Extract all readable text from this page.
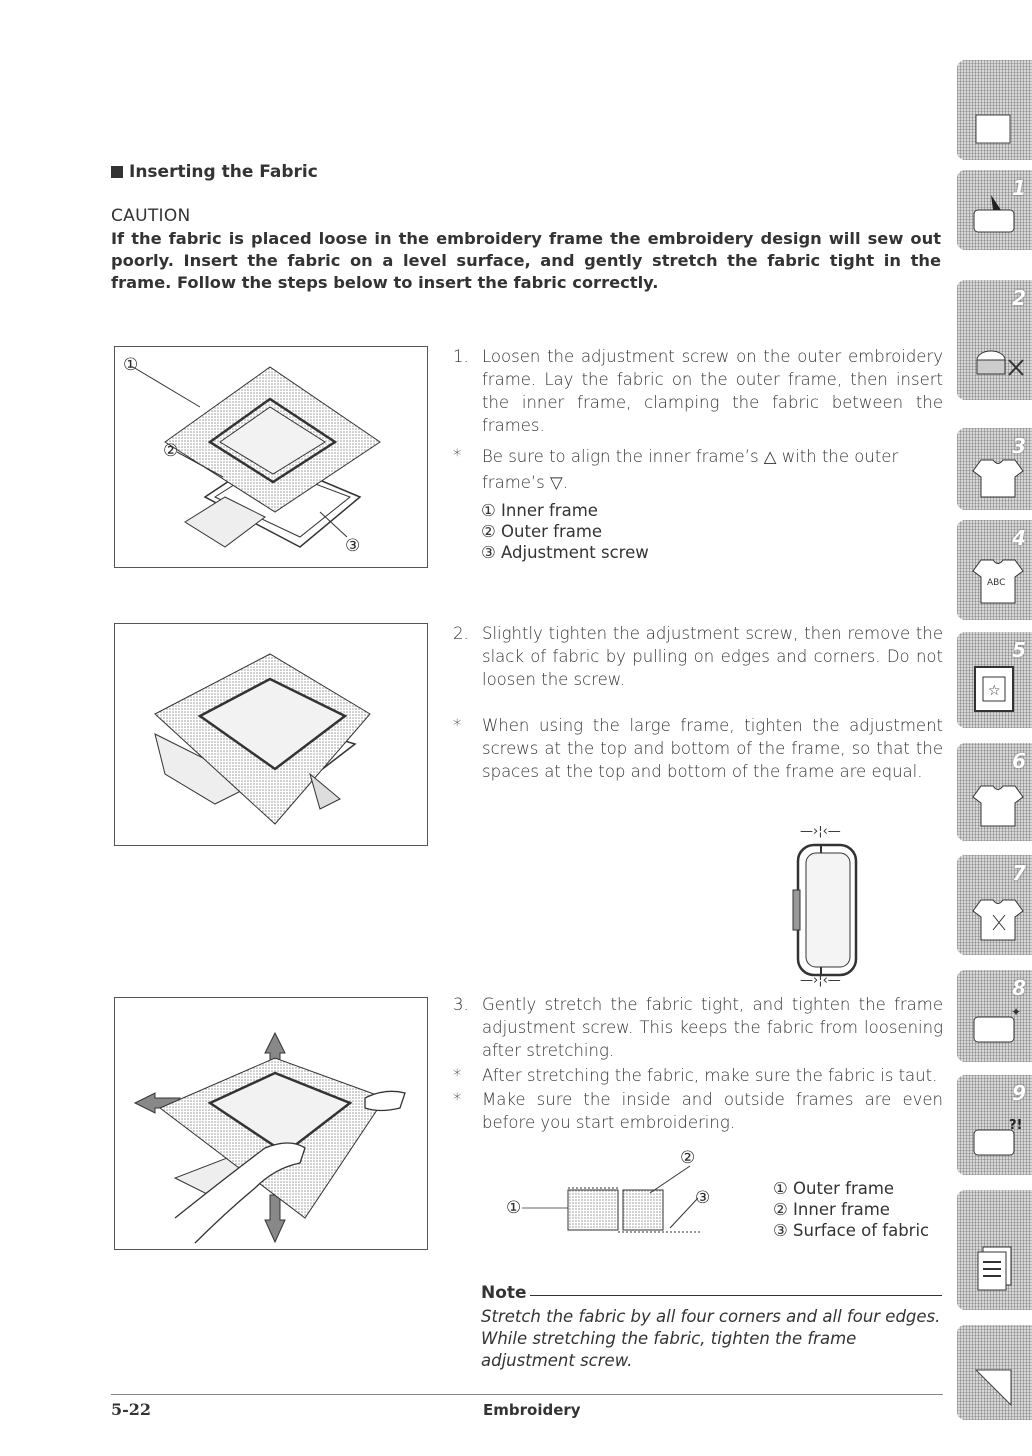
Inserting the Fabric
CAUTION
If the fabric is placed loose in the embroidery frame the embroidery design will sew out poorly. Insert the fabric on a level surface, and gently stretch the fabric tight in the frame. Follow the steps below to insert the fabric correctly.
①
②
③
1. Loosen the adjustment screw on the outer embroidery frame. Lay the fabric on the outer frame, then insert the inner frame, clamping the fabric between the frames.
* Be sure to align the inner frame’s △ with the outer
frame’s ▽.
① Inner frame
② Outer frame
③ Adjustment screw
2. Slightly tighten the adjustment screw, then remove the slack of fabric by pulling on edges and corners. Do not loosen the screw.
* When using the large frame, tighten the adjustment screws at the top and bottom of the frame, so that the spaces at the top and bottom of the frame are equal.
—›¦‹—
—›¦‹—
3. Gently stretch the fabric tight, and tighten the frame adjustment screw. This keeps the fabric from loosening after stretching.
* After stretching the fabric, make sure the fabric is taut.
* Make sure the inside and outside frames are even before you start embroidering.
①
②
③	① Outer frame
② Inner frame
③ Surface of fabric
Note
Stretch the fabric by all four corners and all four edges. While stretching the fabric, tighten the frame adjustment screw.
5-22	Embroidery
1
2
3
4
ABC
5
☆
6
7
8
✦
9
?!
